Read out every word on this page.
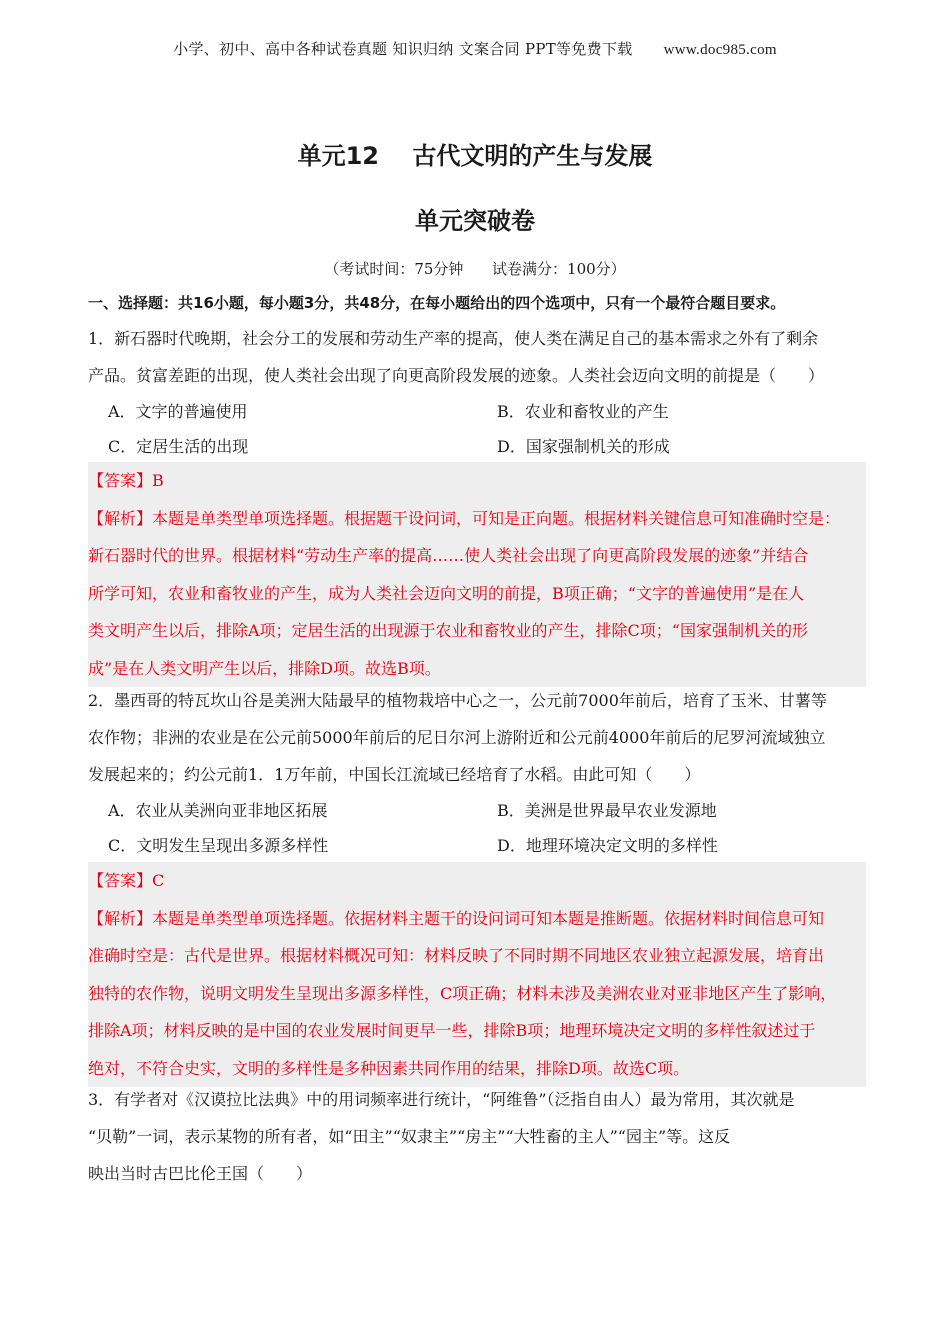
小学、初中、高中各种试卷真题 知识归纳 文案合同 PPT等免费下载 www.doc985.com
单元12    古代文明的产生与发展
单元突破卷
（考试时间：75分钟      试卷满分：100分）
一、选择题：共16小题，每小题3分，共48分，在每小题给出的四个选项中，只有一个最符合题目要求。
1．新石器时代晚期，社会分工的发展和劳动生产率的提高，使人类在满足自己的基本需求之外有了剩余
产品。贫富差距的出现，使人类社会出现了向更高阶段发展的迹象。人类社会迈向文明的前提是（　　）
A．文字的普遍使用	B．农业和畜牧业的产生
C．定居生活的出现	D．国家强制机关的形成
【答案】B
【解析】本题是单类型单项选择题。根据题干设问词，可知是正向题。根据材料关键信息可知准确时空是：
新石器时代的世界。根据材料“劳动生产率的提高……使人类社会出现了向更高阶段发展的迹象”并结合
所学可知，农业和畜牧业的产生，成为人类社会迈向文明的前提，B项正确；“文字的普遍使用”是在人
类文明产生以后，排除A项；定居生活的出现源于农业和畜牧业的产生，排除C项；“国家强制机关的形
成”是在人类文明产生以后，排除D项。故选B项。
2．墨西哥的特瓦坎山谷是美洲大陆最早的植物栽培中心之一，公元前7000年前后，培育了玉米、甘薯等
农作物；非洲的农业是在公元前5000年前后的尼日尔河上游附近和公元前4000年前后的尼罗河流域独立
发展起来的；约公元前1．1万年前，中国长江流域已经培育了水稻。由此可知（　　）
A．农业从美洲向亚非地区拓展	B．美洲是世界最早农业发源地
C．文明发生呈现出多源多样性	D．地理环境决定文明的多样性
【答案】C
【解析】本题是单类型单项选择题。依据材料主题干的设问词可知本题是推断题。依据材料时间信息可知
准确时空是：古代是世界。根据材料概况可知：材料反映了不同时期不同地区农业独立起源发展，培育出
独特的农作物，说明文明发生呈现出多源多样性，C项正确；材料未涉及美洲农业对亚非地区产生了影响，
排除A项；材料反映的是中国的农业发展时间更早一些，排除B项；地理环境决定文明的多样性叙述过于
绝对，不符合史实，文明的多样性是多种因素共同作用的结果，排除D项。故选C项。
3．有学者对《汉谟拉比法典》中的用词频率进行统计，“阿维鲁”（泛指自由人）最为常用，其次就是
“贝勒”一词，表示某物的所有者，如“田主”“奴隶主”“房主”“大牲畜的主人”“园主”等。这反
映出当时古巴比伦王国（　　）
